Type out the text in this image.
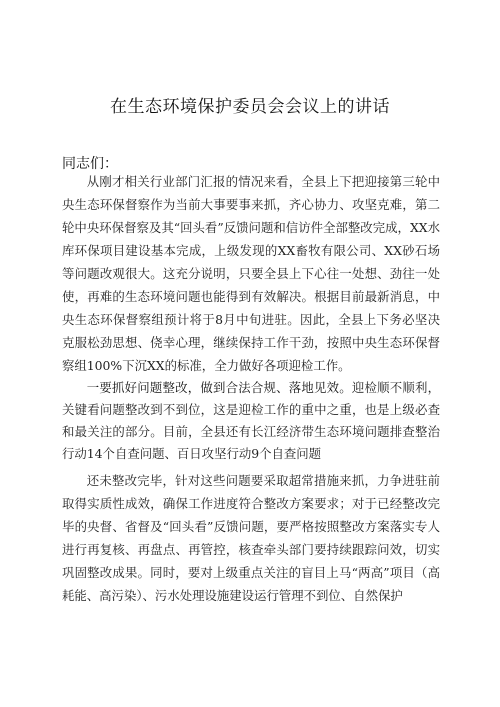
在生态环境保护委员会会议上的讲话
同志们：

从刚才相关行业部门汇报的情况来看，全县上下把迎接第三轮中央生态环保督察作为当前大事要事来抓，齐心协力、攻坚克难，第二轮中央环保督察及其“回头看”反馈问题和信访件全部整改完成，XX水库环保项目建设基本完成，上级发现的XX畜牧有限公司、XX砂石场等问题改观很大。这充分说明，只要全县上下心往一处想、劲往一处使，再难的生态环境问题也能得到有效解决。根据目前最新消息，中央生态环保督察组预计将于8月中旬进驻。因此，全县上下务必坚决克服松劲思想、侥幸心理，继续保持工作干劲，按照中央生态环保督察组100%下沉XX的标准，全力做好各项迎检工作。

一要抓好问题整改，做到合法合规、落地见效。迎检顺不顺利，关键看问题整改到不到位，这是迎检工作的重中之重，也是上级必查和最关注的部分。目前，全县还有长江经济带生态环境问题排查整治行动14个自查问题、百日攻坚行动9个自查问题

还未整改完毕，针对这些问题要采取超常措施来抓，力争进驻前取得实质性成效，确保工作进度符合整改方案要求；对于已经整改完毕的央督、省督及“回头看”反馈问题，要严格按照整改方案落实专人进行再复核、再盘点、再管控，核查牵头部门要持续跟踪问效，切实巩固整改成果。同时，要对上级重点关注的盲目上马“两高”项目（高耗能、高污染）、污水处理设施建设运行管理不到位、自然保护
